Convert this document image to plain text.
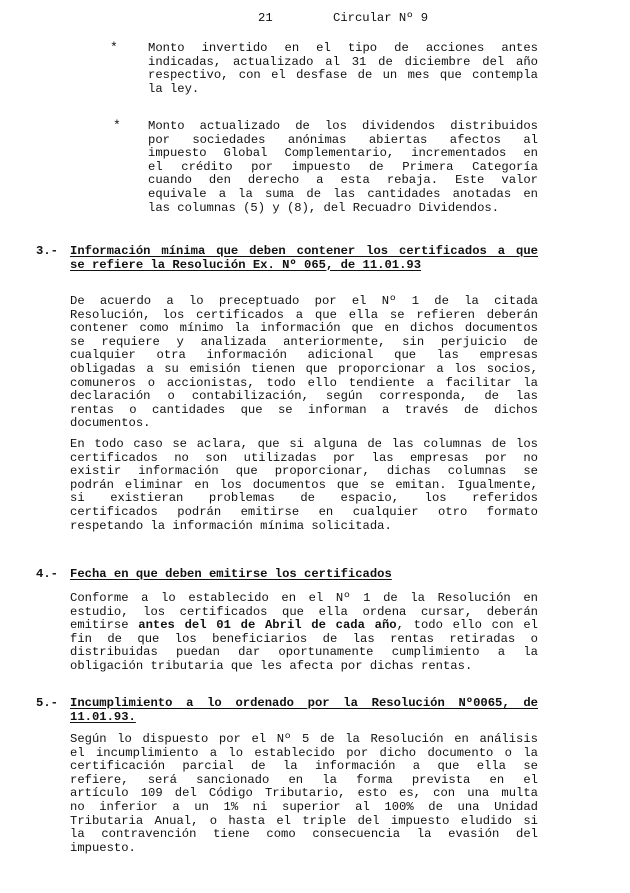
21	Circular Nº 9
* Monto invertido en el tipo de acciones antes
indicadas, actualizado al 31 de diciembre del año
respectivo, con el desfase de un mes que contempla
la ley.
* Monto actualizado de los dividendos distribuidos
por sociedades anónimas abiertas afectos al
impuesto Global Complementario, incrementados en
el crédito por impuesto de Primera Categoría
cuando den derecho a esta rebaja. Este valor
equivale a la suma de las cantidades anotadas en
las columnas (5) y (8), del Recuadro Dividendos.
3.- Información mínima que deben contener los certificados a que
se refiere la Resolución Ex. Nº 065, de 11.01.93
De acuerdo a lo preceptuado por el Nº 1 de la citada
Resolución, los certificados a que ella se refieren deberán
contener como mínimo la información que en dichos documentos
se requiere y analizada anteriormente, sin perjuicio de
cualquier otra información adicional que las empresas
obligadas a su emisión tienen que proporcionar a los socios,
comuneros o accionistas, todo ello tendiente a facilitar la
declaración o contabilización, según corresponda, de las
rentas o cantidades que se informan a través de dichos
documentos.
En todo caso se aclara, que si alguna de las columnas de los
certificados no son utilizadas por las empresas por no
existir información que proporcionar, dichas columnas se
podrán eliminar en los documentos que se emitan. Igualmente,
si existieran problemas de espacio, los referidos
certificados podrán emitirse en cualquier otro formato
respetando la información mínima solicitada.
4.- Fecha en que deben emitirse los certificados
Conforme a lo establecido en el Nº 1 de la Resolución en
estudio, los certificados que ella ordena cursar, deberán
emitirse antes del 01 de Abril de cada año, todo ello con el
fin de que los beneficiarios de las rentas retiradas o
distribuidas puedan dar oportunamente cumplimiento a la
obligación tributaria que les afecta por dichas rentas.
5.- Incumplimiento a lo ordenado por la Resolución Nº0065, de
11.01.93.
Según lo dispuesto por el Nº 5 de la Resolución en análisis
el incumplimiento a lo establecido por dicho documento o la
certificación parcial de la información a que ella se
refiere, será sancionado en la forma prevista en el
artículo 109 del Código Tributario, esto es, con una multa
no inferior a un 1% ni superior al 100% de una Unidad
Tributaria Anual, o hasta el triple del impuesto eludido si
la contravención tiene como consecuencia la evasión del
impuesto.
